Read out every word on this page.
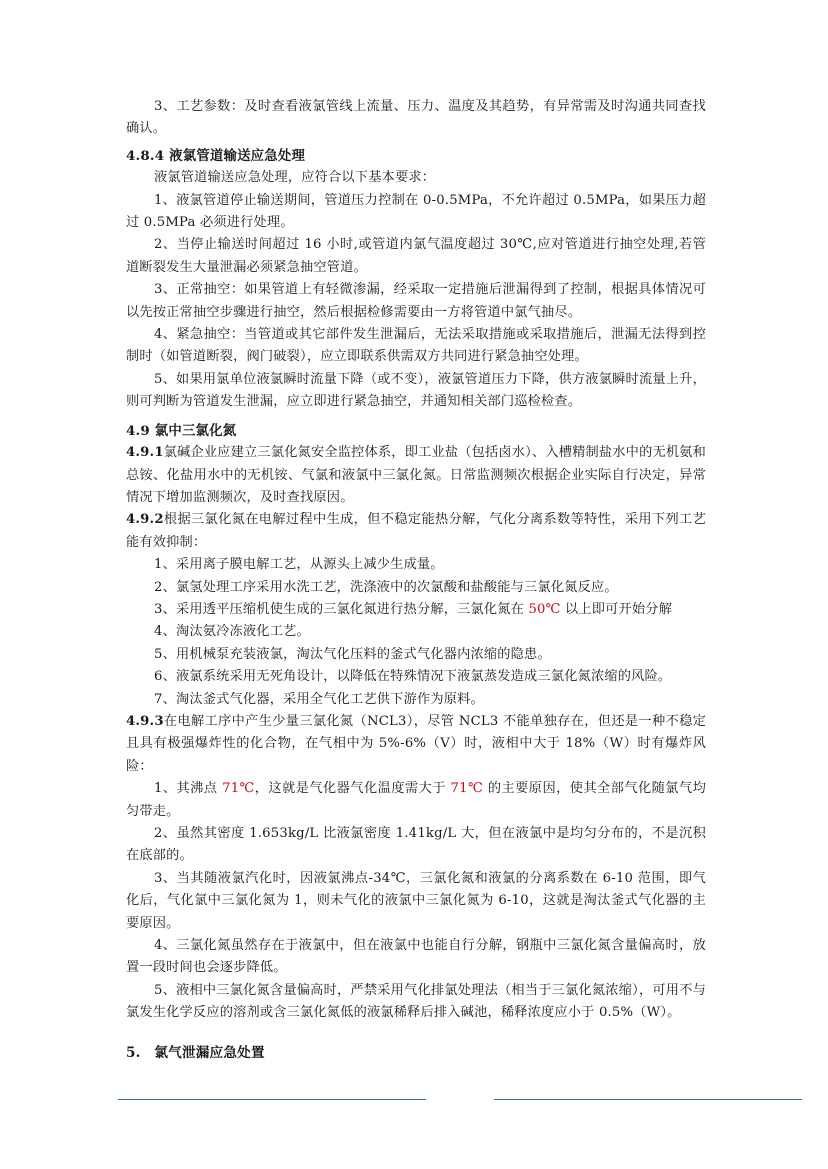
3、工艺参数：及时查看液氯管线上流量、压力、温度及其趋势，有异常需及时沟通共同查找确认。

4.8.4 液氯管道输送应急处理

液氯管道输送应急处理，应符合以下基本要求：

1、液氯管道停止输送期间，管道压力控制在 0-0.5MPa，不允许超过 0.5MPa，如果压力超过 0.5MPa 必须进行处理。

2、当停止输送时间超过 16 小时,或管道内氯气温度超过 30℃,应对管道进行抽空处理,若管道断裂发生大量泄漏必须紧急抽空管道。

3、正常抽空：如果管道上有轻微渗漏，经采取一定措施后泄漏得到了控制，根据具体情况可以先按正常抽空步骤进行抽空，然后根据检修需要由一方将管道中氯气抽尽。

4、紧急抽空：当管道或其它部件发生泄漏后，无法采取措施或采取措施后，泄漏无法得到控制时（如管道断裂，阀门破裂），应立即联系供需双方共同进行紧急抽空处理。

5、如果用氯单位液氯瞬时流量下降（或不变），液氯管道压力下降，供方液氯瞬时流量上升，则可判断为管道发生泄漏，应立即进行紧急抽空，并通知相关部门巡检检查。

4.9 氯中三氯化氮

4.9.1氯碱企业应建立三氯化氮安全监控体系，即工业盐（包括卤水）、入槽精制盐水中的无机氨和总铵、化盐用水中的无机铵、气氯和液氯中三氯化氮。日常监测频次根据企业实际自行决定，异常情况下增加监测频次，及时查找原因。

4.9.2根据三氯化氮在电解过程中生成，但不稳定能热分解，气化分离系数等特性，采用下列工艺能有效抑制：

1、采用离子膜电解工艺，从源头上减少生成量。

2、氯氢处理工序采用水洗工艺，洗涤液中的次氯酸和盐酸能与三氯化氮反应。

3、采用透平压缩机使生成的三氯化氮进行热分解，三氯化氮在 50℃ 以上即可开始分解

4、淘汰氨冷冻液化工艺。

5、用机械泵充装液氯，淘汰气化压料的釜式气化器内浓缩的隐患。

6、液氯系统采用无死角设计，以降低在特殊情况下液氯蒸发造成三氯化氮浓缩的风险。

7、淘汰釜式气化器，采用全气化工艺供下游作为原料。

4.9.3在电解工序中产生少量三氯化氮（NCL3），尽管 NCL3 不能单独存在，但还是一种不稳定且具有极强爆炸性的化合物，在气相中为 5%-6%（V）时，液相中大于 18%（W）时有爆炸风险：

1、其沸点 71℃，这就是气化器气化温度需大于 71℃ 的主要原因，使其全部气化随氯气均匀带走。

2、虽然其密度 1.653kg/L 比液氯密度 1.41kg/L 大，但在液氯中是均匀分布的，不是沉积在底部的。

3、当其随液氯汽化时，因液氯沸点-34℃，三氯化氮和液氯的分离系数在 6-10 范围，即气化后，气化氯中三氯化氮为 1，则未气化的液氯中三氯化氮为 6-10，这就是淘汰釜式气化器的主要原因。

4、三氯化氮虽然存在于液氯中，但在液氯中也能自行分解，钢瓶中三氯化氮含量偏高时，放置一段时间也会逐步降低。

5、液相中三氯化氮含量偏高时，严禁采用气化排氯处理法（相当于三氯化氮浓缩），可用不与氯发生化学反应的溶剂或含三氯化氮低的液氯稀释后排入碱池，稀释浓度应小于 0.5%（W）。

5.　氯气泄漏应急处置
